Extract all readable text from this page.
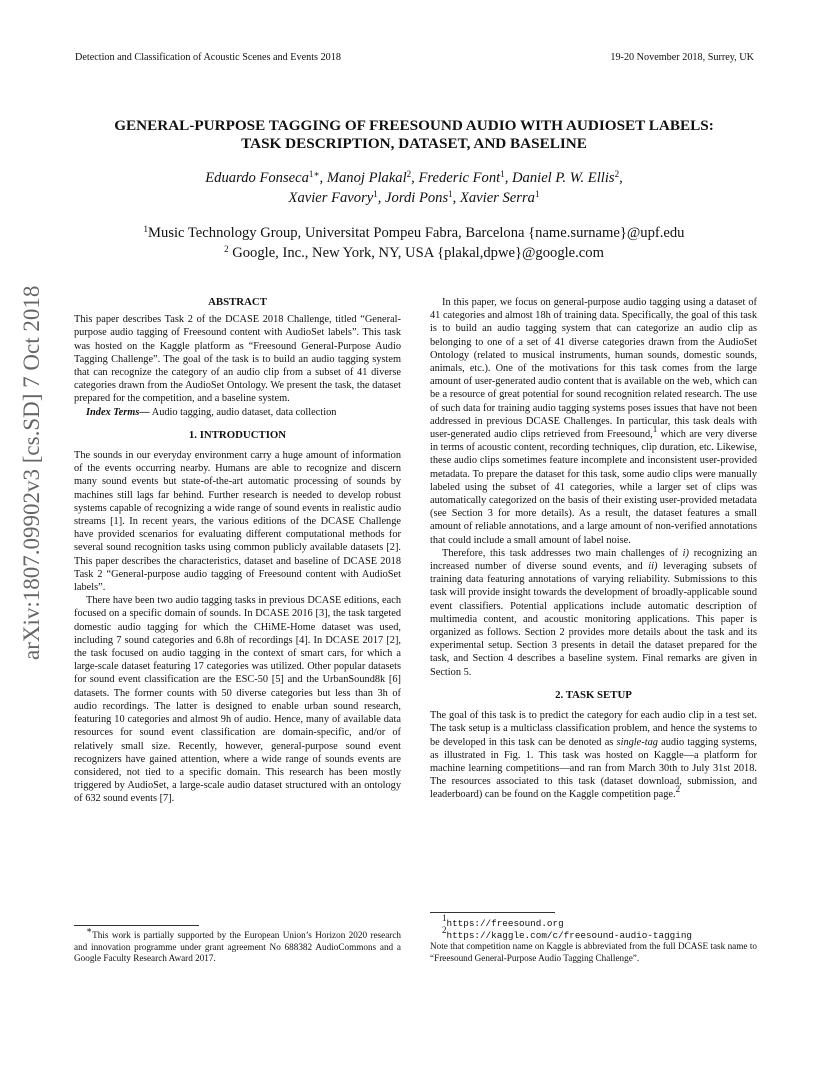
Detection and Classification of Acoustic Scenes and Events 2018	19-20 November 2018, Surrey, UK
GENERAL-PURPOSE TAGGING OF FREESOUND AUDIO WITH AUDIOSET LABELS:
TASK DESCRIPTION, DATASET, AND BASELINE
Eduardo Fonseca$^{1∗}$, Manoj Plakal$^2$, Frederic Font$^1$, Daniel P. W. Ellis$^2$,
Xavier Favory$^1$, Jordi Pons$^1$, Xavier Serra$^1$
$^1$Music Technology Group, Universitat Pompeu Fabra, Barcelona {name.surname}@upf.edu
$^2$ Google, Inc., New York, NY, USA {plakal,dpwe}@google.com
arXiv:1807.09902v3 [cs.SD] 7 Oct 2018	ABSTRACT

This paper describes Task 2 of the DCASE 2018 Challenge, titled “General-purpose audio tagging of Freesound content with AudioSet labels”. This task was hosted on the Kaggle platform as “Freesound General-Purpose Audio Tagging Challenge”. The goal of the task is to build an audio tagging system that can recognize the category of an audio clip from a subset of 41 diverse categories drawn from the AudioSet Ontology. We present the task, the dataset prepared for the competition, and a baseline system.

Index Terms— Audio tagging, audio dataset, data collection

1. INTRODUCTION

The sounds in our everyday environment carry a huge amount of information of the events occurring nearby. Humans are able to recognize and discern many sound events but state-of-the-art automatic processing of sounds by machines still lags far behind. Further research is needed to develop robust systems capable of recognizing a wide range of sound events in realistic audio streams [1]. In recent years, the various editions of the DCASE Challenge have provided scenarios for evaluating different computational methods for several sound recognition tasks using common publicly available datasets [2]. This paper describes the characteristics, dataset and baseline of DCASE 2018 Task 2 “General-purpose audio tagging of Freesound content with AudioSet labels”.

There have been two audio tagging tasks in previous DCASE editions, each focused on a specific domain of sounds. In DCASE 2016 [3], the task targeted domestic audio tagging for which the CHiME-Home dataset was used, including 7 sound categories and 6.8h of recordings [4]. In DCASE 2017 [2], the task focused on audio tagging in the context of smart cars, for which a large-scale dataset featuring 17 categories was utilized. Other popular datasets for sound event classification are the ESC-50 [5] and the UrbanSound8k [6] datasets. The former counts with 50 diverse categories but less than 3h of audio recordings. The latter is designed to enable urban sound research, featuring 10 categories and almost 9h of audio. Hence, many of available data resources for sound event classification are domain-specific, and/or of relatively small size. Recently, however, general-purpose sound event recognizers have gained attention, where a wide range of sounds events are considered, not tied to a specific domain. This research has been mostly triggered by AudioSet, a large-scale audio dataset structured with an ontology of 632 sound events [7].

∗This work is partially supported by the European Union’s Horizon 2020 research and innovation programme under grant agreement No 688382 AudioCommons and a Google Faculty Research Award 2017.

In this paper, we focus on general-purpose audio tagging using a dataset of 41 categories and almost 18h of training data. Specifically, the goal of this task is to build an audio tagging system that can categorize an audio clip as belonging to one of a set of 41 diverse categories drawn from the AudioSet Ontology (related to musical instruments, human sounds, domestic sounds, animals, etc.). One of the motivations for this task comes from the large amount of user-generated audio content that is available on the web, which can be a resource of great potential for sound recognition related research. The use of such data for training audio tagging systems poses issues that have not been addressed in previous DCASE Challenges. In particular, this task deals with user-generated audio clips retrieved from Freesound,$^1$ which are very diverse in terms of acoustic content, recording techniques, clip duration, etc. Likewise, these audio clips sometimes feature incomplete and inconsistent user-provided metadata. To prepare the dataset for this task, some audio clips were manually labeled using the subset of 41 categories, while a larger set of clips was automatically categorized on the basis of their existing user-provided metadata (see Section 3 for more details). As a result, the dataset features a small amount of reliable annotations, and a large amount of non-verified annotations that could include a small amount of label noise.

Therefore, this task addresses two main challenges of i) recognizing an increased number of diverse sound events, and ii) leveraging subsets of training data featuring annotations of varying reliability. Submissions to this task will provide insight towards the development of broadly-applicable sound event classifiers. Potential applications include automatic description of multimedia content, and acoustic monitoring applications. This paper is organized as follows. Section 2 provides more details about the task and its experimental setup. Section 3 presents in detail the dataset prepared for the task, and Section 4 describes a baseline system. Final remarks are given in Section 5.

2. TASK SETUP

The goal of this task is to predict the category for each audio clip in a test set. The task setup is a multiclass classification problem, and hence the systems to be developed in this task can be denoted as single-tag audio tagging systems, as illustrated in Fig. 1. This task was hosted on Kaggle—a platform for machine learning competitions—and ran from March 30th to July 31st 2018. The resources associated to this task (dataset download, submission, and leaderboard) can be found on the Kaggle competition page.$^2$

$^1$https://freesound.org

$^2$https://kaggle.com/c/freesound-audio-tagging

Note that competition name on Kaggle is abbreviated from the full DCASE task name to “Freesound General-Purpose Audio Tagging Challenge”.
